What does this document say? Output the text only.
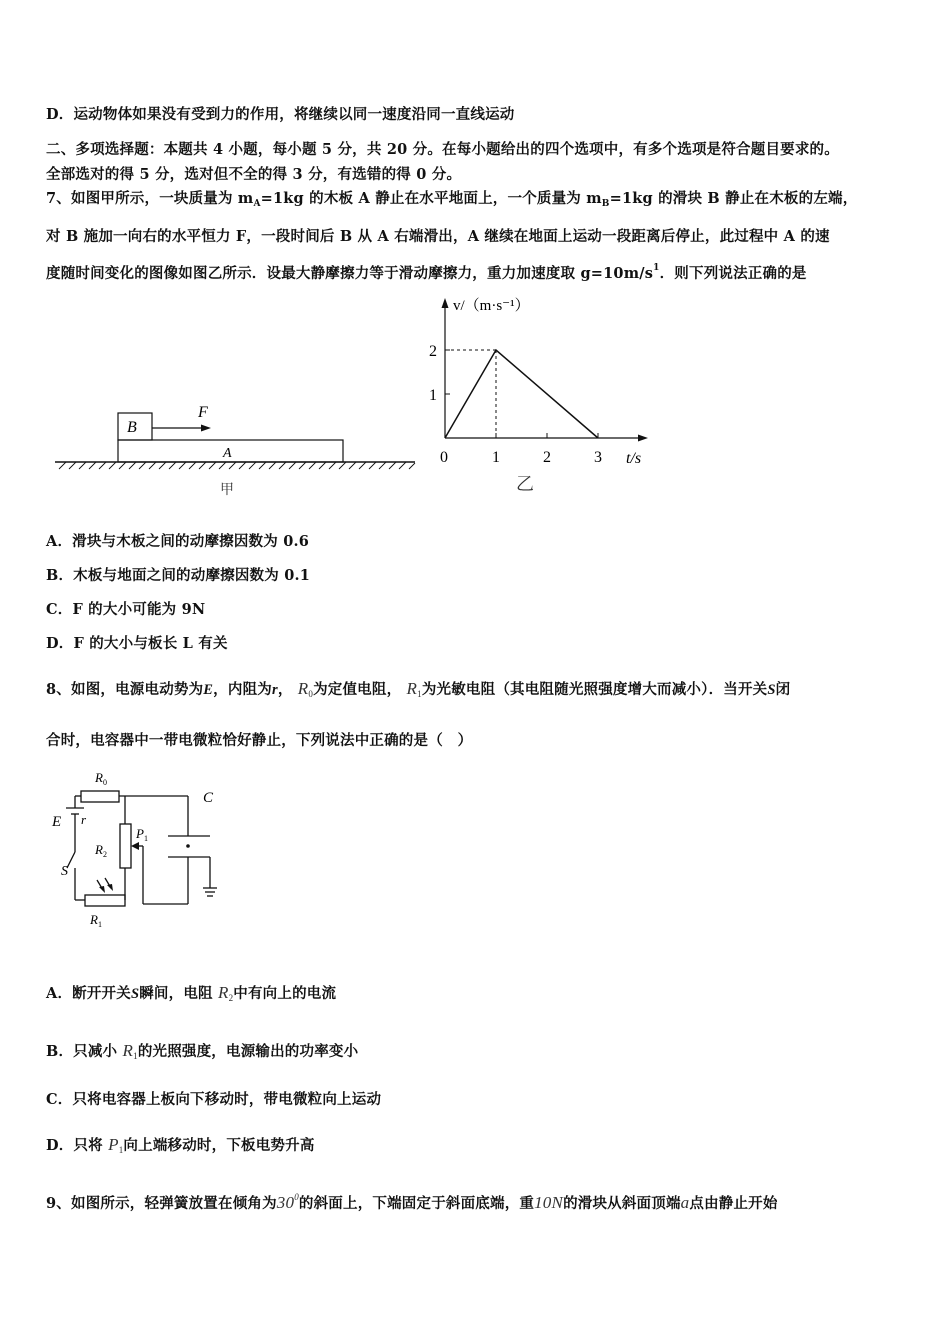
D．运动物体如果没有受到力的作用，将继续以同一速度沿同一直线运动
二、多项选择题：本题共 4 小题，每小题 5 分，共 20 分。在每小题给出的四个选项中，有多个选项是符合题目要求的。
全部选对的得 5 分，选对但不全的得 3 分，有选错的得 0 分。
7、如图甲所示，一块质量为 $m_A=1kg$ 的木板 A 静止在水平地面上，一个质量为 $m_B=1kg$ 的滑块 B 静止在木板的左端，
对 B 施加一向右的水平恒力 F，一段时间后 B 从 A 右端滑出，A 继续在地面上运动一段距离后停止，此过程中 A 的速
度随时间变化的图像如图乙所示．设最大静摩擦力等于滑动摩擦力，重力加速度取 $g=10m/s^1$．则下列说法正确的是
B
F
A
甲
v/（m·s⁻¹）
t/s
0	1	2	3
1
2
乙
A．滑块与木板之间的动摩擦因数为 0.6
B．木板与地面之间的动摩擦因数为 0.1
C．F 的大小可能为 9N
D．F 的大小与板长 L 有关
8、如图，电源电动势为E，内阻为r， $R_0$为定值电阻， $R_1$为光敏电阻（其电阻随光照强度增大而减小）．当开关S闭
合时，电容器中一带电微粒恰好静止，下列说法中正确的是（　）
$R_0$
C
E r
$P_1$
$R_2$
S
$R_1$
A．断开开关S瞬间，电阻 $R_2$中有向上的电流
B．只减小 $R_1$的光照强度，电源输出的功率变小
C．只将电容器上板向下移动时，带电微粒向上运动
D．只将 $P_1$向上端移动时，下板电势升高
9、如图所示，轻弹簧放置在倾角为$30^0$的斜面上，下端固定于斜面底端，重10N的滑块从斜面顶端a点由静止开始
